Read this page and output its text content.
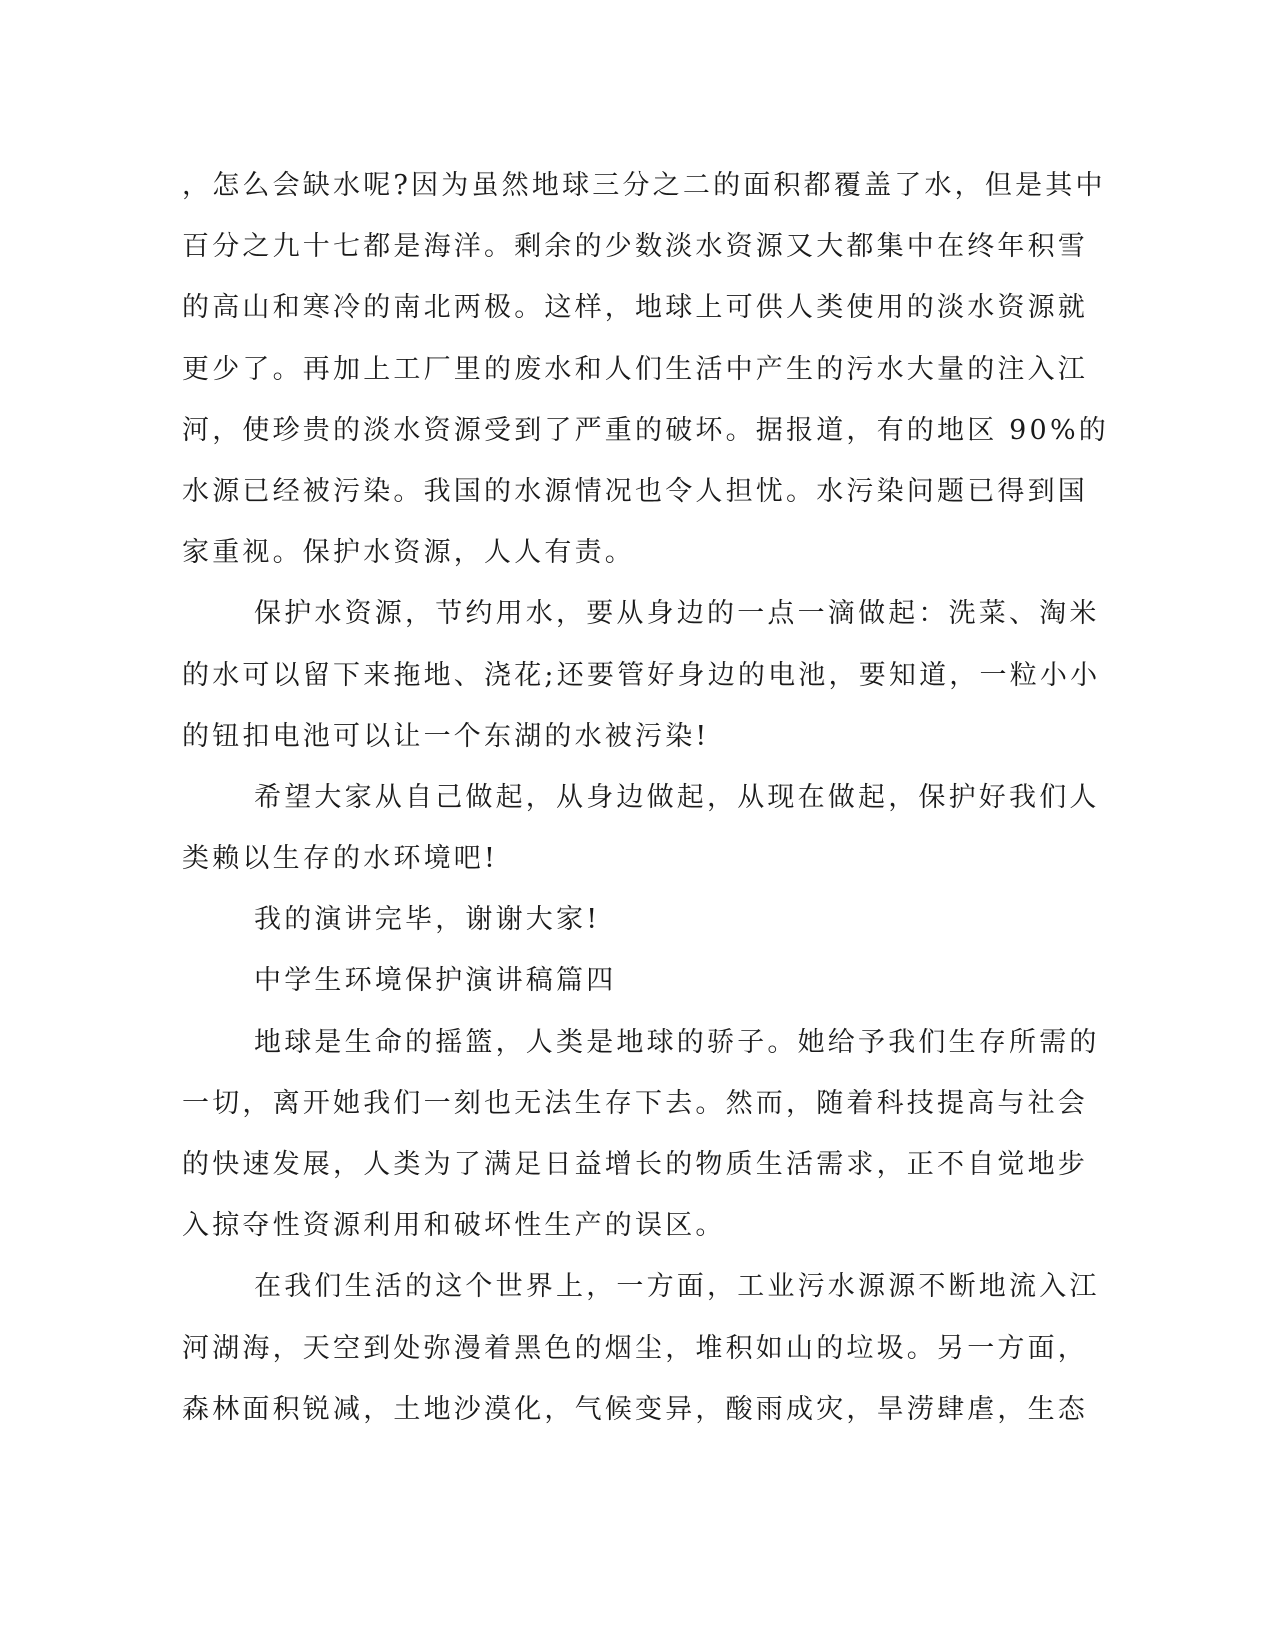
，怎么会缺水呢?因为虽然地球三分之二的面积都覆盖了水，但是其中
百分之九十七都是海洋。剩余的少数淡水资源又大都集中在终年积雪
的高山和寒冷的南北两极。这样，地球上可供人类使用的淡水资源就
更少了。再加上工厂里的废水和人们生活中产生的污水大量的注入江
河，使珍贵的淡水资源受到了严重的破坏。据报道，有的地区 90%的
水源已经被污染。我国的水源情况也令人担忧。水污染问题已得到国
家重视。保护水资源，人人有责。
保护水资源，节约用水，要从身边的一点一滴做起：洗菜、淘米
的水可以留下来拖地、浇花;还要管好身边的电池，要知道，一粒小小
的钮扣电池可以让一个东湖的水被污染!
希望大家从自己做起，从身边做起，从现在做起，保护好我们人
类赖以生存的水环境吧!
我的演讲完毕，谢谢大家!
中学生环境保护演讲稿篇四
地球是生命的摇篮，人类是地球的骄子。她给予我们生存所需的
一切，离开她我们一刻也无法生存下去。然而，随着科技提高与社会
的快速发展，人类为了满足日益增长的物质生活需求，正不自觉地步
入掠夺性资源利用和破坏性生产的误区。
在我们生活的这个世界上，一方面，工业污水源源不断地流入江
河湖海，天空到处弥漫着黑色的烟尘，堆积如山的垃圾。另一方面，
森林面积锐减，土地沙漠化，气候变异，酸雨成灾，旱涝肆虐，生态
